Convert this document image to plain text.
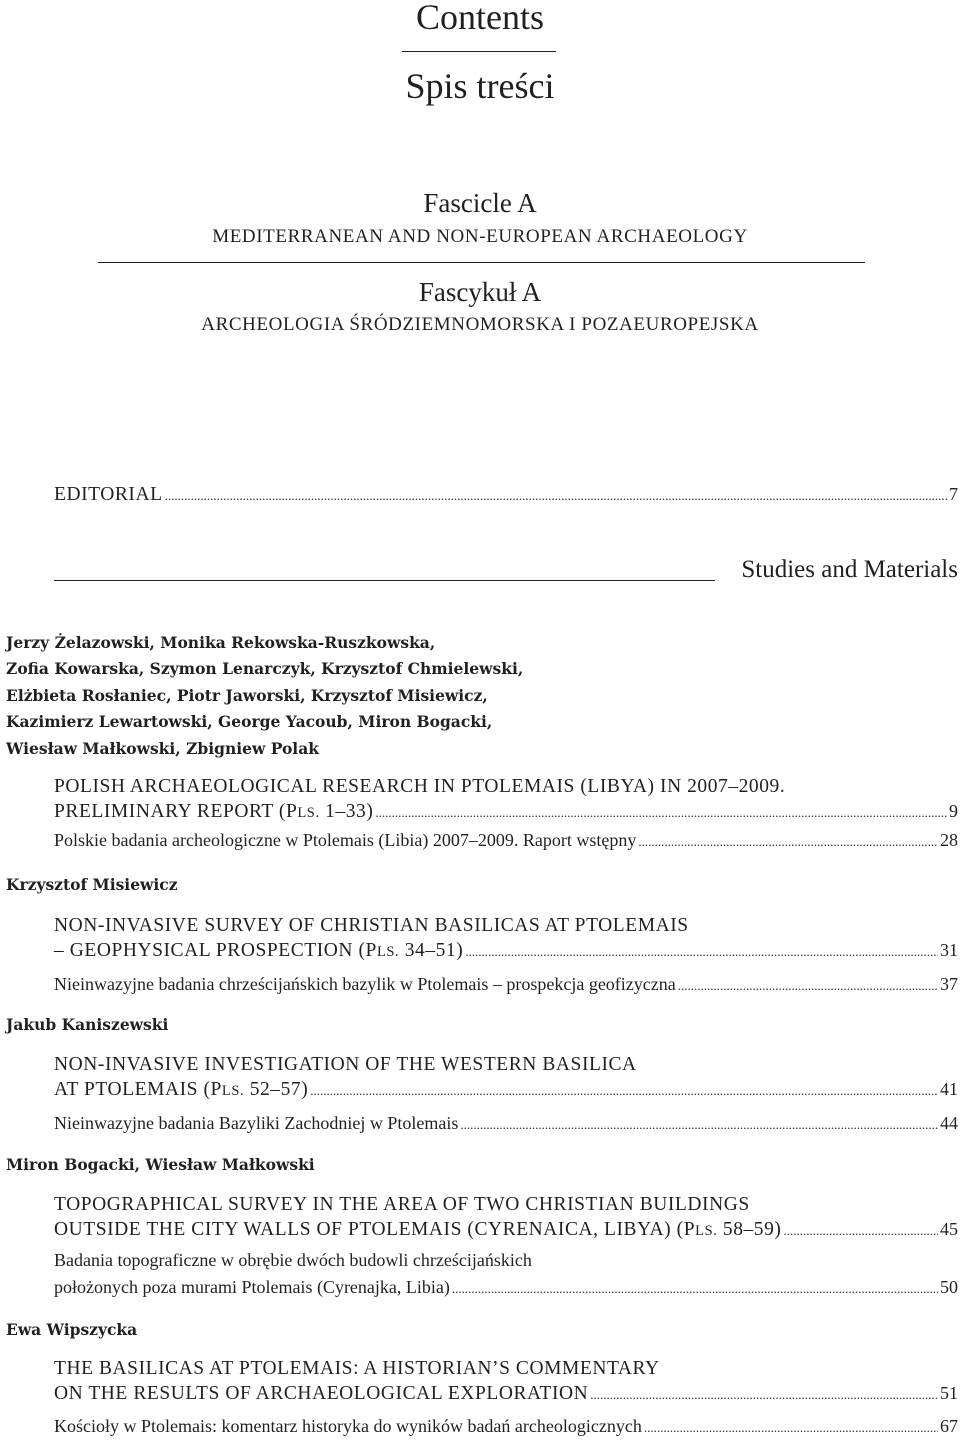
Contents
Spis treści
Fascicle A
MEDITERRANEAN AND NON-EUROPEAN ARCHAEOLOGY
Fascykuł A
ARCHEOLOGIA ŚRÓDZIEMNOMORSKA I POZAEUROPEJSKA
EDITORIAL .....	7
Studies and Materials
Jerzy Żelazowski, Monika Rekowska-Ruszkowska,
Zofia Kowarska, Szymon Lenarczyk, Krzysztof Chmielewski,
Elżbieta Rosłaniec, Piotr Jaworski, Krzysztof Misiewicz,
Kazimierz Lewartowski, George Yacoub, Miron Bogacki,
Wiesław Małkowski, Zbigniew Polak
POLISH ARCHAEOLOGICAL RESEARCH IN PTOLEMAIS (LIBYA) IN 2007–2009.
PRELIMINARY REPORT ( PLS.
1–33) .....	9
Polskie badania archeologiczne w Ptolemais (Libia) 2007–2009. Raport wstępny .....	28
Krzysztof Misiewicz
NON-INVASIVE SURVEY OF CHRISTIAN BASILICAS AT PTOLEMAIS
– GEOPHYSICAL PROSPECTION ( PLS.
34–51) .....	31
Nieinwazyjne badania chrześcijańskich bazylik w Ptolemais – prospekcja geofizyczna .....	37
Jakub Kaniszewski
NON-INVASIVE INVESTIGATION OF THE WESTERN BASILICA
AT PTOLEMAIS ( PLS.
52–57) .....	41
Nieinwazyjne badania Bazyliki Zachodniej w Ptolemais .....	44
Miron Bogacki, Wiesław Małkowski
TOPOGRAPHICAL SURVEY IN THE AREA OF TWO CHRISTIAN BUILDINGS
OUTSIDE THE CITY WALLS OF PTOLEMAIS (CYRENAICA, LIBYA) ( PLS.
58–59) .....	45
Badania topograficzne w obrębie dwóch budowli chrześcijańskich
położonych poza murami Ptolemais (Cyrenajka, Libia) .....	50
Ewa Wipszycka
THE BASILICAS AT PTOLEMAIS: A HISTORIAN’S COMMENTARY
ON THE RESULTS OF ARCHAEOLOGICAL EXPLORATION .....	51
Kościoły w Ptolemais: komentarz historyka do wyników badań archeologicznych .....	67
